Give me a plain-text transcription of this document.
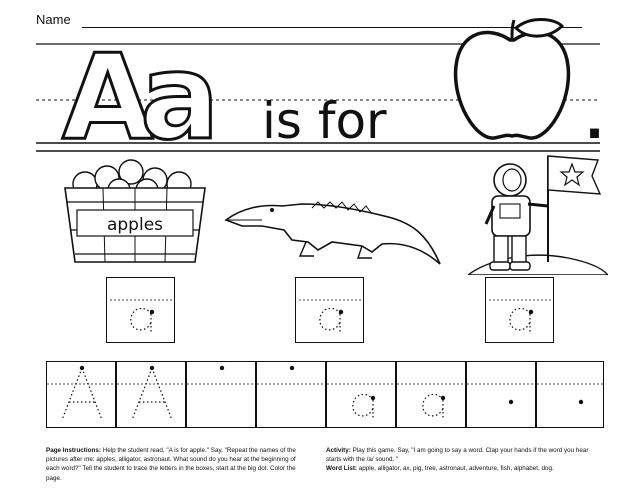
Name
A
a is for	.
apples
Page Instructions: Help the student read, "A is for apple." Say, "Repeat the names of the pictures after me: apples, alligator, astronaut. What sound do you hear at the beginning of each word?" Tell the student to trace the letters in the boxes, start at the big dot. Color the page.
Activity: Play this game. Say, "I am going to say a word. Clap your hands if the word you hear starts with the /a/ sound. "
Word List: apple, alligator, ax, pig, tree, astronaut, adventure, fish, alphabet, dog.
